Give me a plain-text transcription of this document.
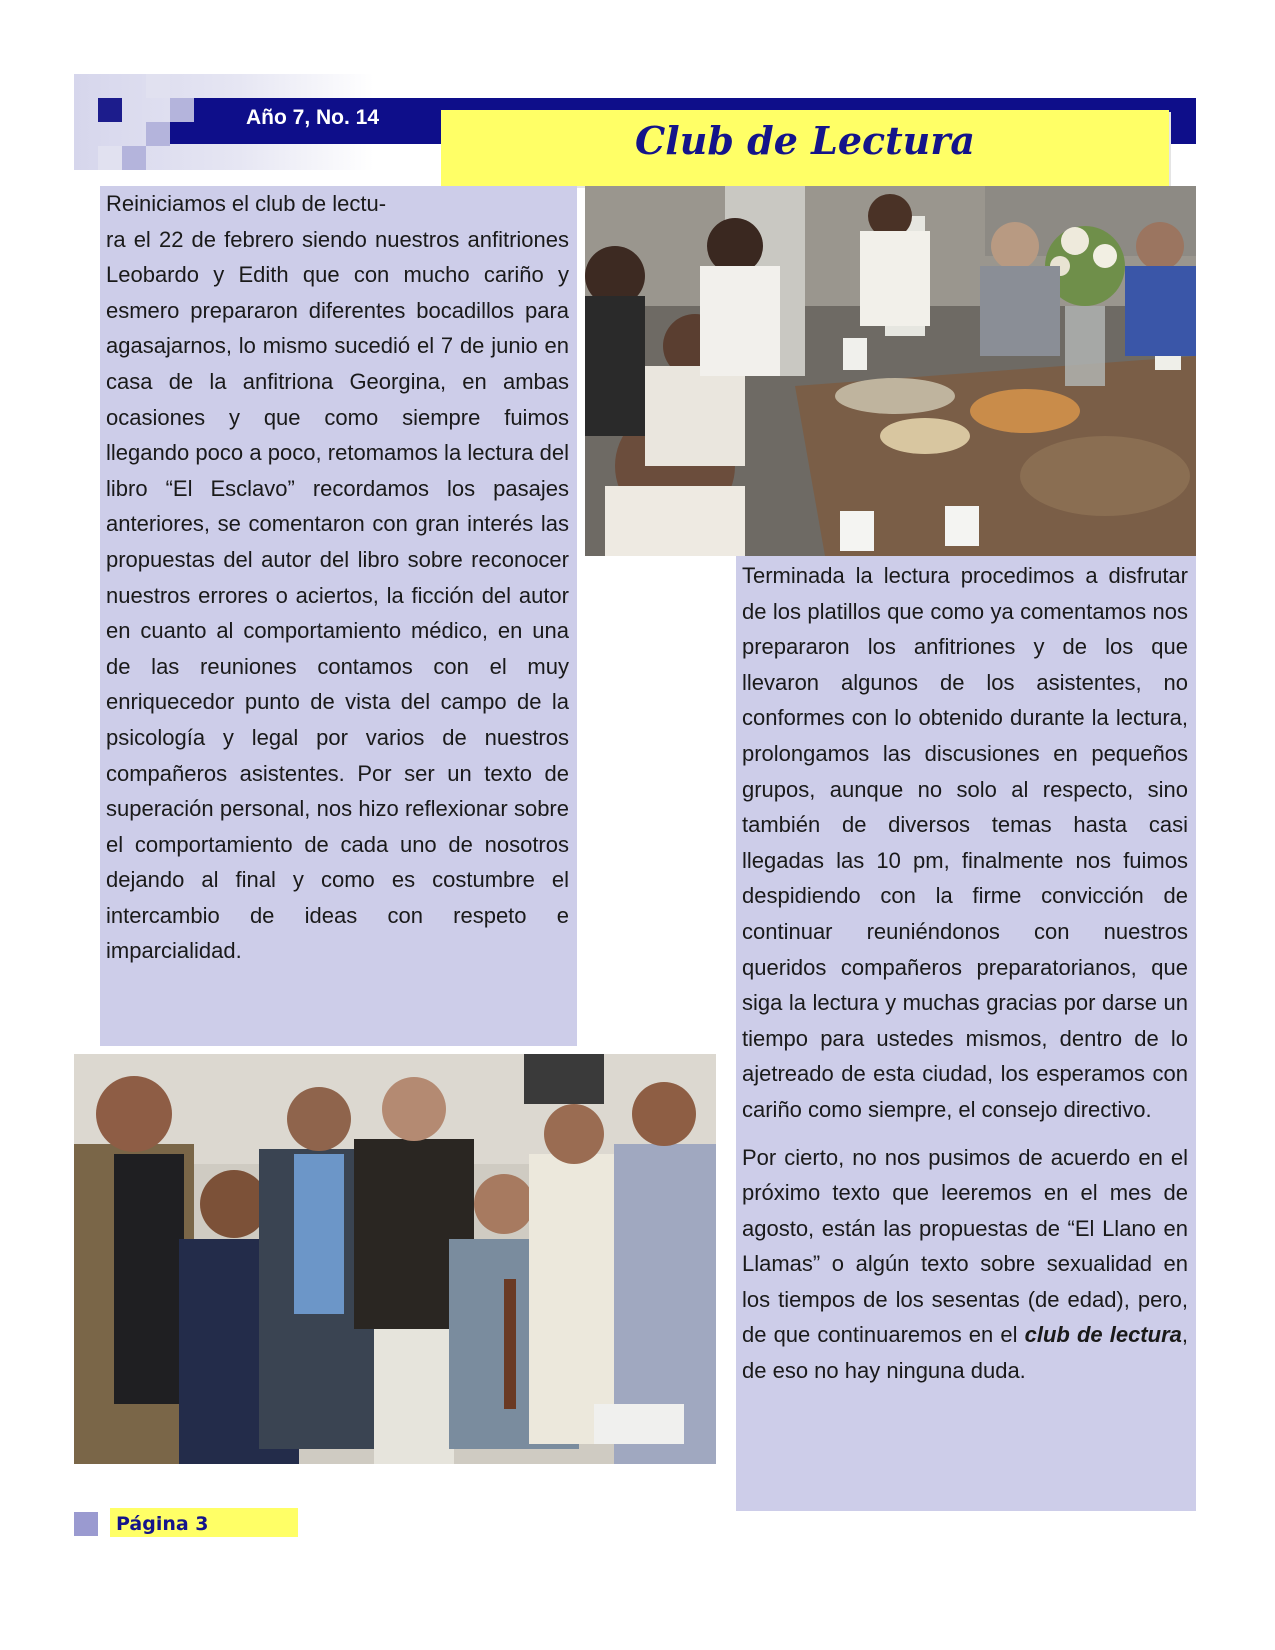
Año 7, No. 14
Club de Lectura

Reiniciamos el club de lectu-
ra el 22 de febrero siendo nuestros anfitriones Leobardo y Edith que con mucho cariño y esmero prepararon diferentes bocadillos para agasajarnos, lo mismo sucedió el 7 de junio en casa de la anfitriona Georgina, en ambas ocasiones y que como siempre fuimos llegando poco a poco, retomamos la lectura del libro “El Esclavo” recordamos los pasajes anteriores, se comentaron con gran interés las propuestas del autor del libro sobre reconocer nuestros errores o aciertos, la ficción del autor en cuanto al comportamiento médico, en una de las reuniones contamos con el muy enriquecedor punto de vista del campo de la psicología y legal por varios de nuestros compañeros asistentes. Por ser un texto de superación personal, nos hizo reflexionar sobre el comportamiento de cada uno de nosotros dejando al final y como es costumbre el intercambio de ideas con respeto e imparcialidad.

Terminada la lectura procedimos a disfrutar de los platillos que como ya comentamos nos prepararon los anfitriones y de los que llevaron algunos de los asistentes, no conformes con lo obtenido durante la lectura, prolongamos las discusiones en pequeños grupos, aunque no solo al respecto, sino también de diversos temas hasta casi llegadas las 10 pm, finalmente nos fuimos despidiendo con la firme convicción de continuar reuniéndonos con nuestros queridos compañeros preparatorianos, que siga la lectura y muchas gracias por darse un tiempo para ustedes mismos, dentro de lo ajetreado de esta ciudad, los esperamos con cariño como siempre, el consejo directivo.

Por cierto, no nos pusimos de acuerdo en el próximo texto que leeremos en el mes de agosto, están las propuestas de “El Llano en Llamas” o algún texto sobre sexualidad en los tiempos de los sesentas (de edad), pero, de que continuaremos en el club de lectura, de eso no hay ninguna duda.

Página 3
